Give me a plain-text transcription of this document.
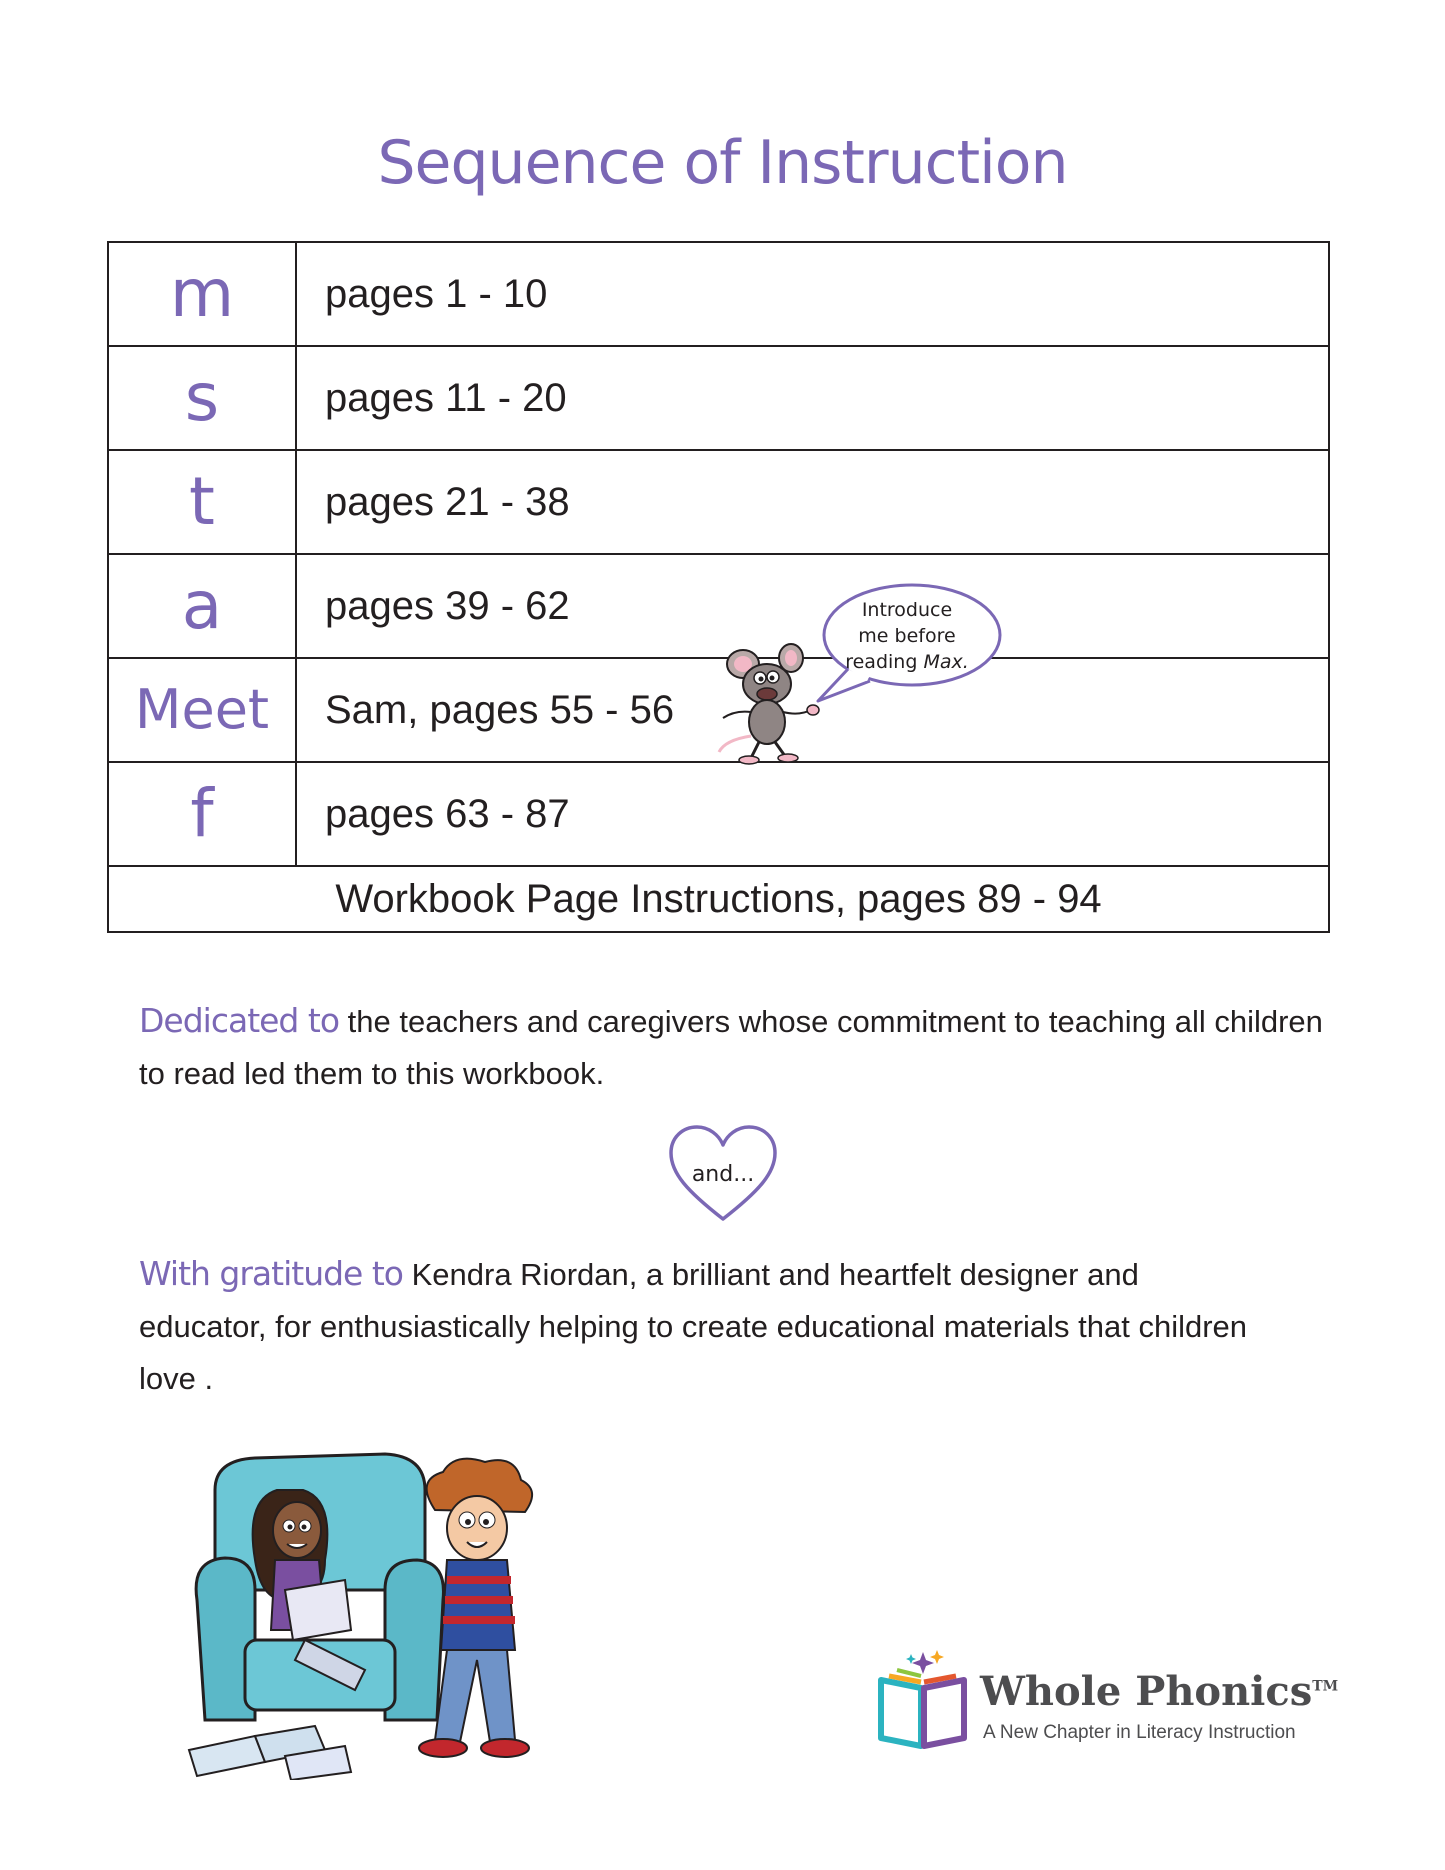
Sequence of Instruction
m	pages 1 - 10
s	pages 11 - 20
t	pages 21 - 38
a	pages 39 - 62
Meet	Sam, pages 55 - 56
f	pages 63 - 87
Workbook Page Instructions, pages 89 - 94	
Introduce
me before
reading Max.
Dedicated to the teachers and caregivers whose commitment to teaching all children to read led them to this workbook.
and...
With gratitude to Kendra Riordan, a brilliant and heartfelt designer and educator, for enthusiastically helping to create educational materials that children love .
Whole Phonics™
A New Chapter in Literacy Instruction
